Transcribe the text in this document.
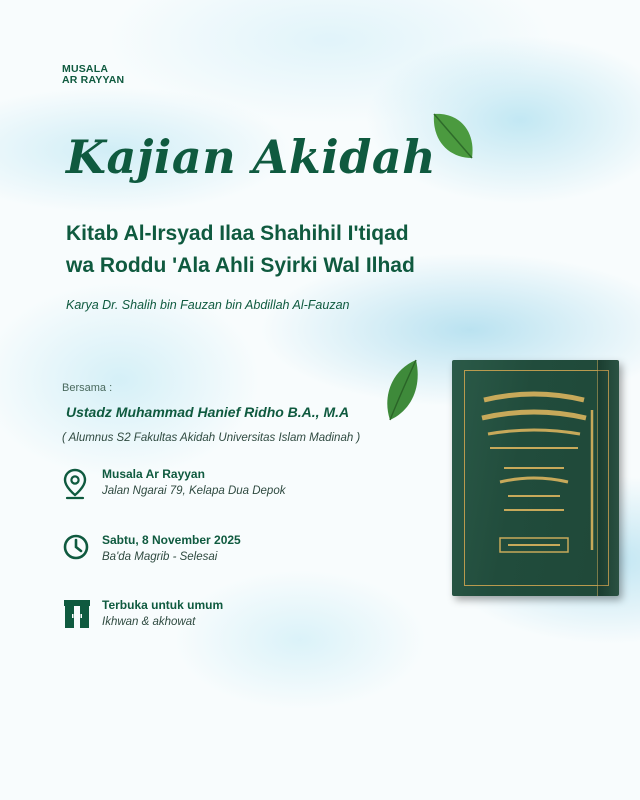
MUSALA
AR RAYYAN
Kajian Akidah
Kitab Al-Irsyad Ilaa Shahihil I'tiqad
wa Roddu 'Ala Ahli Syirki Wal Ilhad
Karya Dr. Shalih bin Fauzan bin Abdillah Al-Fauzan
Bersama :
Ustadz Muhammad Hanief Ridho B.A., M.A
( Alumnus S2 Fakultas Akidah Universitas Islam Madinah )
Musala Ar Rayyan
Jalan Ngarai 79, Kelapa Dua Depok
Sabtu, 8 November 2025
Ba'da Magrib - Selesai
Terbuka untuk umum
Ikhwan & akhowat
